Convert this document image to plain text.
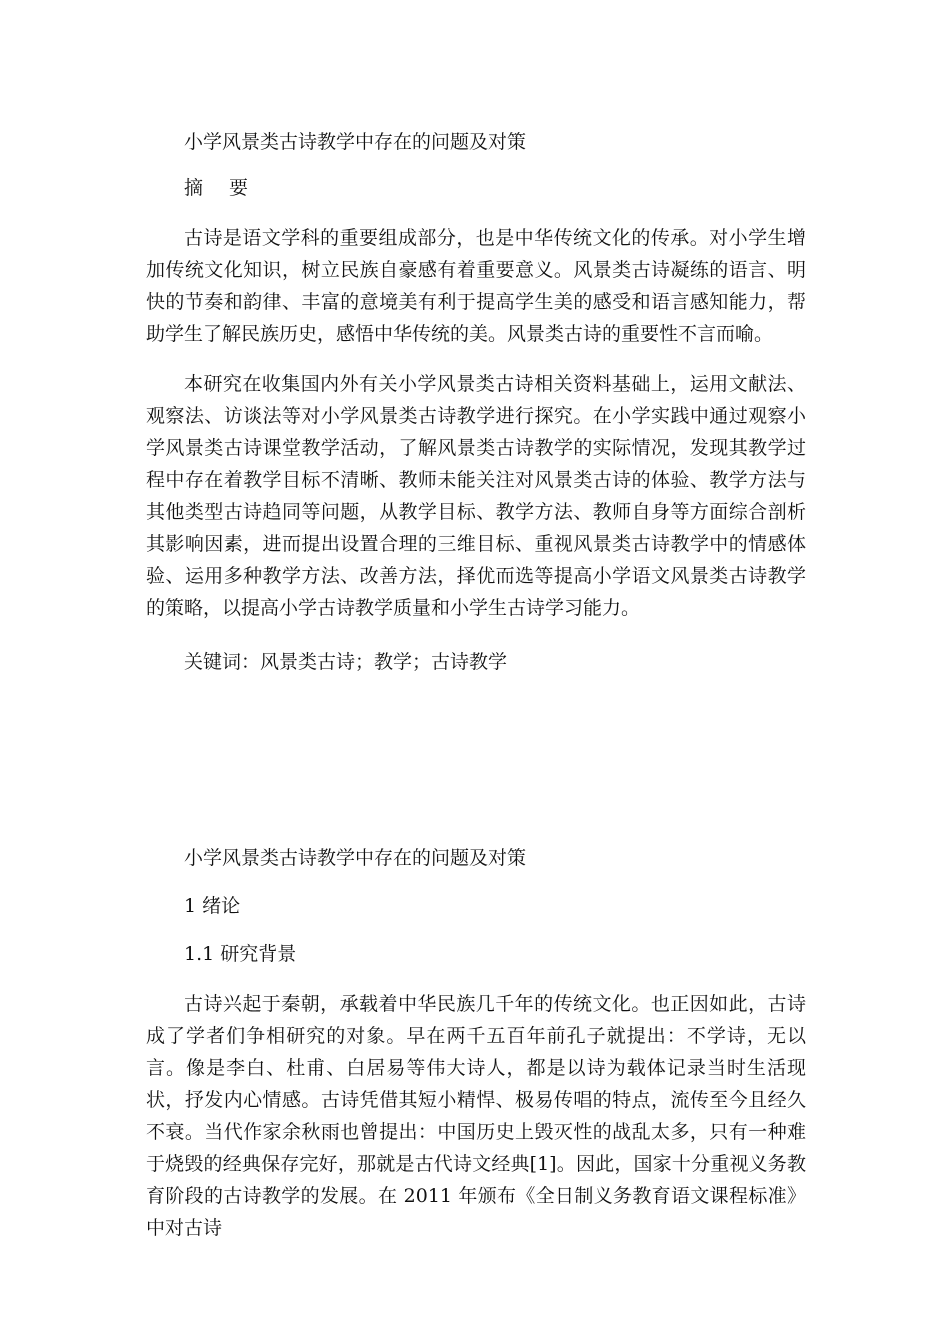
小学风景类古诗教学中存在的问题及对策
摘 要

古诗是语文学科的重要组成部分，也是中华传统文化的传承。对小学生增加传统文化知识，树立民族自豪感有着重要意义。风景类古诗凝练的语言、明快的节奏和韵律、丰富的意境美有利于提高学生美的感受和语言感知能力，帮助学生了解民族历史，感悟中华传统的美。风景类古诗的重要性不言而喻。

本研究在收集国内外有关小学风景类古诗相关资料基础上，运用文献法、观察法、访谈法等对小学风景类古诗教学进行探究。在小学实践中通过观察小学风景类古诗课堂教学活动，了解风景类古诗教学的实际情况，发现其教学过程中存在着教学目标不清晰、教师未能关注对风景类古诗的体验、教学方法与其他类型古诗趋同等问题，从教学目标、教学方法、教师自身等方面综合剖析其影响因素，进而提出设置合理的三维目标、重视风景类古诗教学中的情感体验、运用多种教学方法、改善方法，择优而选等提高小学语文风景类古诗教学的策略，以提高小学古诗教学质量和小学生古诗学习能力。

关键词：风景类古诗；教学；古诗教学
小学风景类古诗教学中存在的问题及对策
1 绪论
1.1 研究背景

古诗兴起于秦朝，承载着中华民族几千年的传统文化。也正因如此，古诗成了学者们争相研究的对象。早在两千五百年前孔子就提出：不学诗，无以言。像是李白、杜甫、白居易等伟大诗人，都是以诗为载体记录当时生活现状，抒发内心情感。古诗凭借其短小精悍、极易传唱的特点，流传至今且经久不衰。当代作家余秋雨也曾提出：中国历史上毁灭性的战乱太多，只有一种难于烧毁的经典保存完好，那就是古代诗文经典[1]。因此，国家十分重视义务教育阶段的古诗教学的发展。在 2011 年颁布《全日制义务教育语文课程标准》中对古诗
